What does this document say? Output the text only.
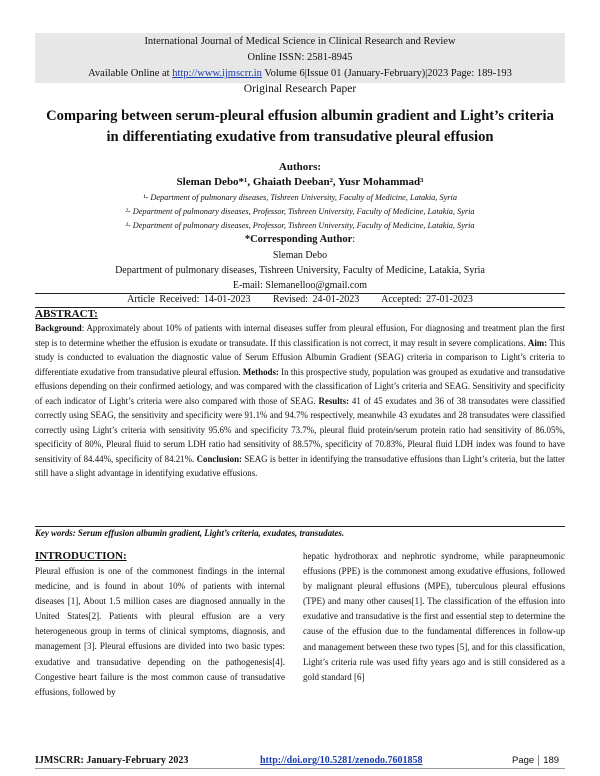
International Journal of Medical Science in Clinical Research and Review
Online ISSN: 2581-8945
Available Online at http://www.ijmscrr.in Volume 6|Issue 01 (January-February)|2023 Page: 189-193
Original Research Paper
Comparing between serum-pleural effusion albumin gradient and Light’s criteria in differentiating exudative from transudative pleural effusion
Authors:
Sleman Debo*¹, Ghaiath Deeban², Yusr Mohammad³
¹- Department of pulmonary diseases, Tishreen University, Faculty of Medicine, Latakia, Syria
²- Department of pulmonary diseases, Professor, Tishreen University, Faculty of Medicine, Latakia, Syria
³- Department of pulmonary diseases, Professor, Tishreen University, Faculty of Medicine, Latakia, Syria
*Corresponding Author:
Sleman Debo
Department of pulmonary diseases, Tishreen University, Faculty of Medicine, Latakia, Syria
E-mail: Slemanelloo@gmail.com
Article Received: 14-01-2023     Revised: 24-01-2023     Accepted: 27-01-2023
ABSTRACT:
Background: Approximately about 10% of patients with internal diseases suffer from pleural effusion, For diagnosing and treatment plan the first step is to determine whether the effusion is exudate or transudate. If this classification is not correct, it may result in severe complications. Aim: This study is conducted to evaluation the diagnostic value of Serum Effusion Albumin Gradient (SEAG) criteria in comparison to Light’s criteria to differentiate exudative from transudative pleural effusion. Methods: In this prospective study, population was grouped as exudative and transudative effusions depending on their confirmed aetiology, and was compared with the classification of Light’s criteria and SEAG. Sensitivity and specificity of each indicator of Light’s criteria were also compared with those of SEAG. Results: 41 of 45 exudates and 36 of 38 transudates were classified correctly using SEAG, the sensitivity and specificity were 91.1% and 94.7% respectively, meanwhile 43 exudates and 28 transudates were classified correctly using Light’s criteria with sensitivity 95.6% and specificity 73.7%, pleural fluid protein/serum protein ratio had sensitivity of 86.05%, specificity of 80%, Pleural fluid to serum LDH ratio had sensitivity of 88.57%, specificity of 70.83%, Pleural fluid LDH index was found to have sensitivity of 84.44%, specificity of 84.21%. Conclusion: SEAG is better in identifying the transudative effusions than Light’s criteria, but the latter still have a slight advantage in identifying exudative effusions.
Key words: Serum effusion albumin gradient, Light’s criteria, exudates, transudates.
INTRODUCTION:
Pleural effusion is one of the commonest findings in the internal medicine, and is found in about 10% of patients with internal diseases [1], About 1.5 million cases are diagnosed annually in the United States[2]. Patients with pleural effusion are a very heterogeneous group in terms of clinical symptoms, diagnosis, and management [3]. Pleural effusions are divided into two basic types: exudative and transudative depending on the pathogenesis[4]. Congestive heart failure is the most common cause of transudative effusions, followed by
hepatic hydrothorax and nephrotic syndrome, while parapneumonic effusions (PPE) is the commonest among exudative effusions, followed by malignant pleural effusions (MPE), tuberculous pleural effusions (TPE) and many other causes[1]. The classification of the effusion into exudative and transudative is the first and essential step to determine the cause of the effusion due to the fundamental differences in follow-up and management between these two types [5], and for this classification, Light’s criteria rule was used fifty years ago and is still considered as a gold standard [6]
IJMSCRR: January-February 2023	http://doi.org/10.5281/zenodo.7601858	Page 189
